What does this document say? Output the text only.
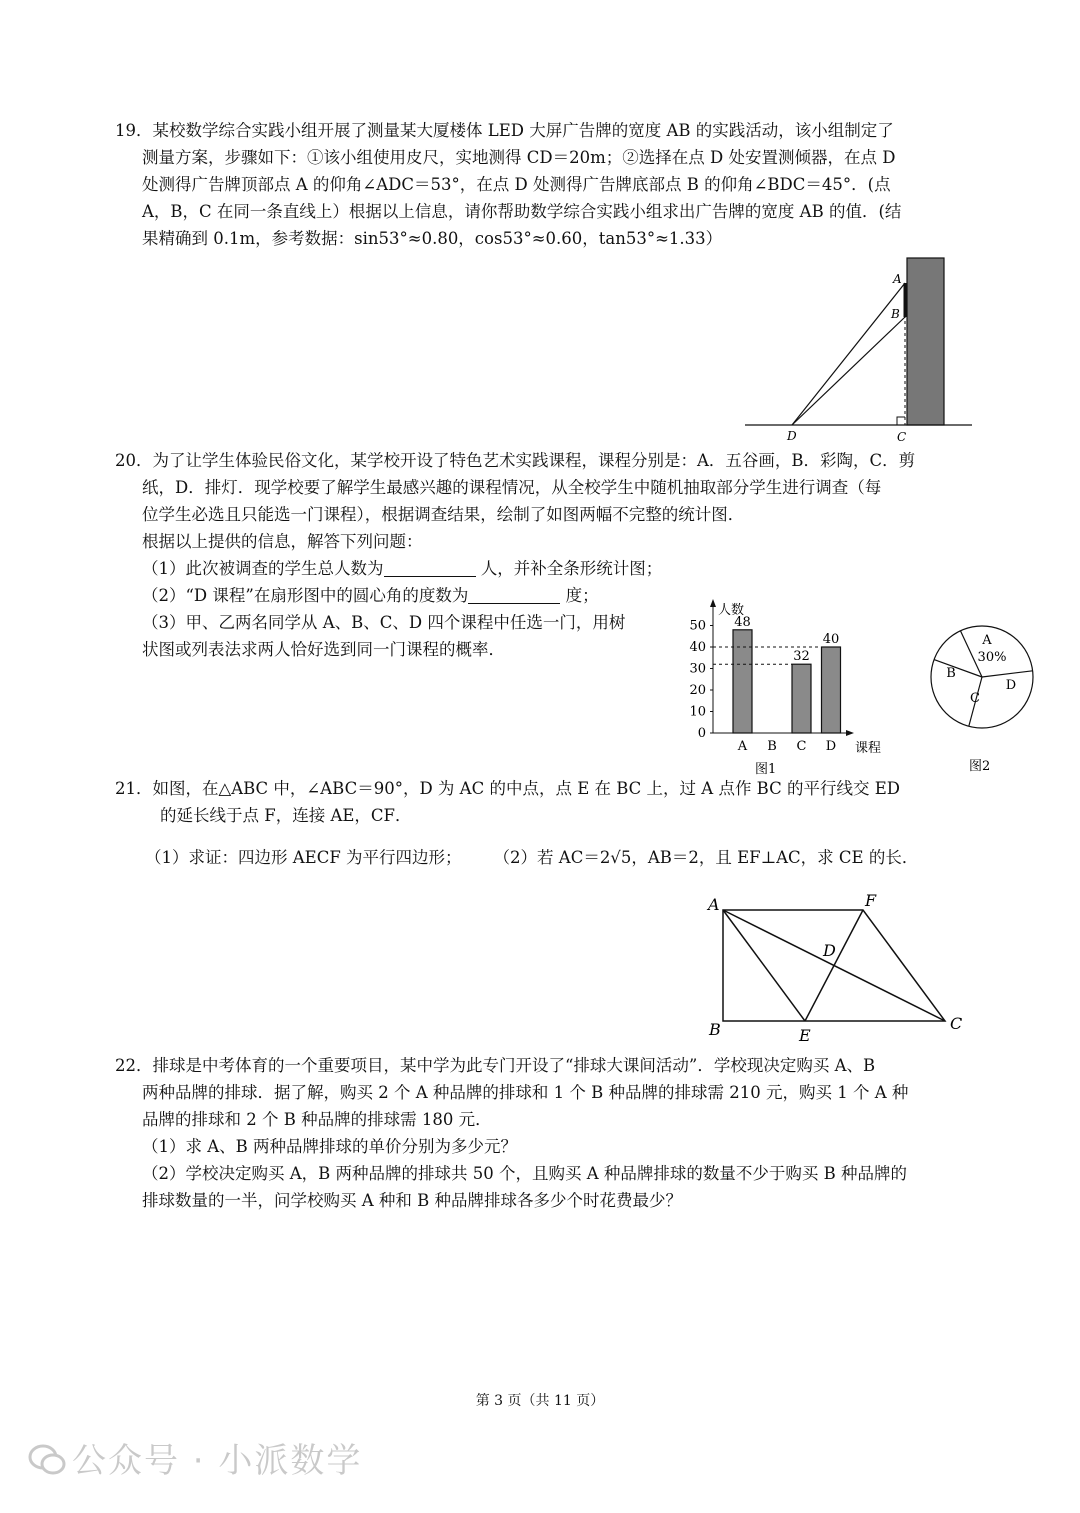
19．某校数学综合实践小组开展了测量某大厦楼体 LED 大屏广告牌的宽度 AB 的实践活动，该小组制定了

测量方案，步骤如下：①该小组使用皮尺，实地测得 CD＝20m；②选择在点 D 处安置测倾器，在点 D

处测得广告牌顶部点 A 的仰角∠ADC＝53°，在点 D 处测得广告牌底部点 B 的仰角∠BDC＝45°．(点

A，B，C 在同一条直线上）根据以上信息，请你帮助数学综合实践小组求出广告牌的宽度 AB 的值．(结

果精确到 0.1m，参考数据：sin53°≈0.80，cos53°≈0.60，tan53°≈1.33）

A
B
D	C

20．为了让学生体验民俗文化，某学校开设了特色艺术实践课程，课程分别是：A．五谷画，B．彩陶，C．剪

纸，D．排灯．现学校要了解学生最感兴趣的课程情况，从全校学生中随机抽取部分学生进行调查（每

位学生必选且只能选一门课程），根据调查结果，绘制了如图两幅不完整的统计图．

根据以上提供的信息，解答下列问题：

（1）此次被调查的学生总人数为	人，并补全条形统计图；

（2）“D 课程”在扇形图中的圆心角的度数为	度；

（3）甲、乙两名同学从 A、B、C、D 四个课程中任选一门，用树

状图或列表法求两人恰好选到同一门课程的概率．

人数
课程
图1
0
10
20
30
40
50
A
48
B C
32
D
40	A
B
C
D
30%
图2

21．如图，在△ABC 中，∠ABC＝90°，D 为 AC 的中点，点 E 在 BC 上，过 A 点作 BC 的平行线交 ED

的延长线于点 F，连接 AE，CF．

（1）求证：四边形 AECF 为平行四边形； （2）若 AC＝2√5，AB＝2，且 EF⊥AC，求 CE 的长．

A	F
D
B	E
C

22．排球是中考体育的一个重要项目，某中学为此专门开设了“排球大课间活动”．学校现决定购买 A、B

两种品牌的排球．据了解，购买 2 个 A 种品牌的排球和 1 个 B 种品牌的排球需 210 元，购买 1 个 A 种

品牌的排球和 2 个 B 种品牌的排球需 180 元．

（1）求 A、B 两种品牌排球的单价分别为多少元？

（2）学校决定购买 A，B 两种品牌的排球共 50 个，且购买 A 种品牌排球的数量不少于购买 B 种品牌的

排球数量的一半，问学校购买 A 种和 B 种品牌排球各多少个时花费最少？

第 3 页（共 11 页）
公众号 · 小派数学
